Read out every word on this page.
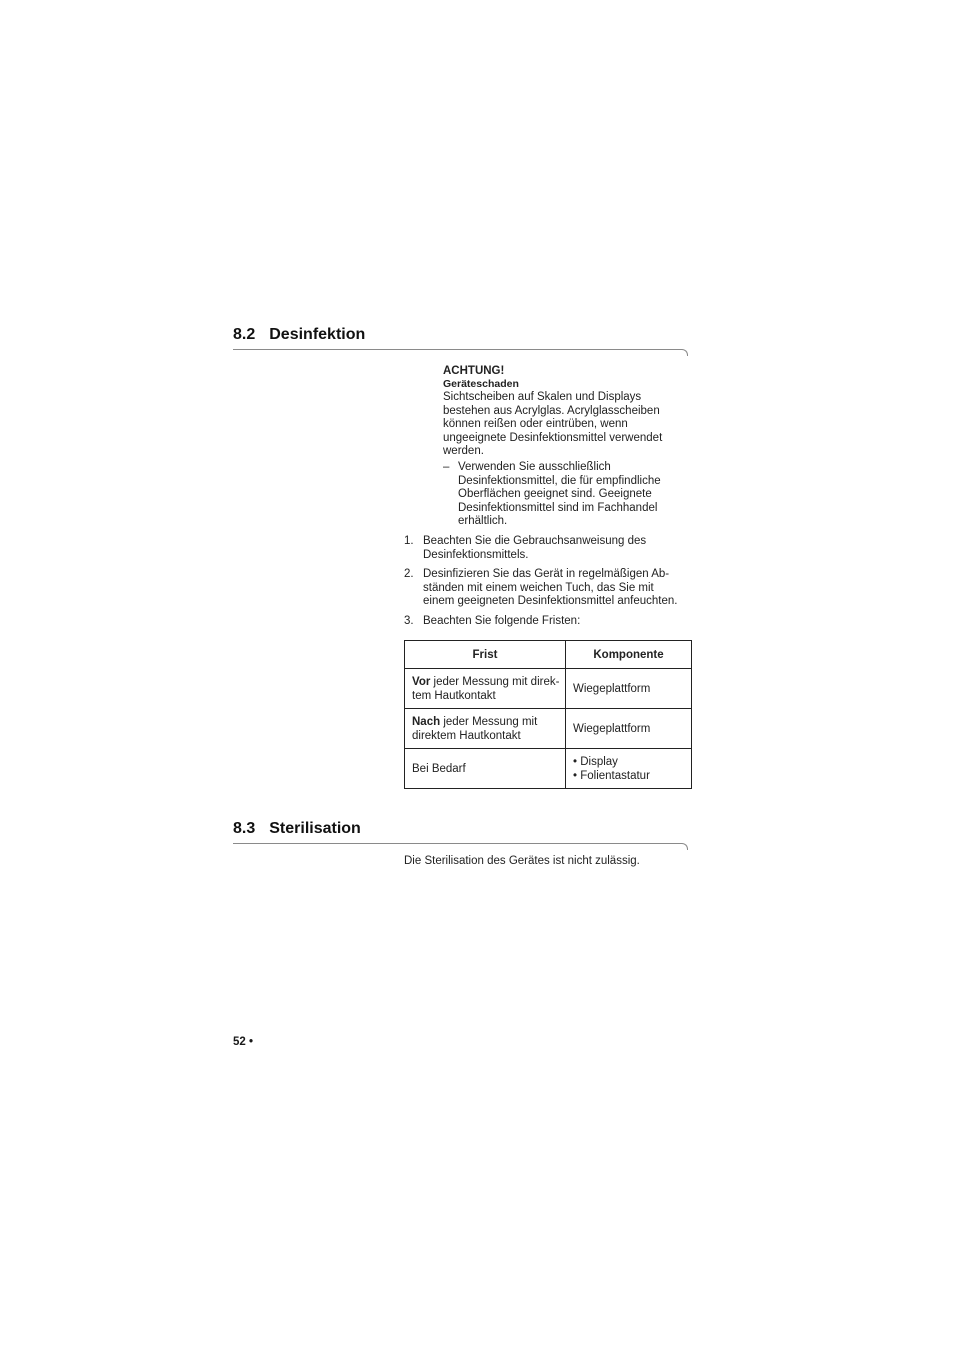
8.2 Desinfektion
ACHTUNG!
Geräteschaden
Sichtscheiben auf Skalen und Displays
bestehen aus Acrylglas. Acrylglasscheiben
können reißen oder eintrüben, wenn
ungeeignete Desinfektionsmittel verwendet
werden.
– Verwenden Sie ausschließlich
Desinfektionsmittel, die für empfindliche
Oberflächen geeignet sind. Geeignete
Desinfektionsmittel sind im Fachhandel
erhältlich.
1. Beachten Sie die Gebrauchsanweisung des
Desinfektionsmittels.
2. Desinfizieren Sie das Gerät in regelmäßigen Ab-
ständen mit einem weichen Tuch, das Sie mit
einem geeigneten Desinfektionsmittel anfeuchten.
3. Beachten Sie folgende Fristen:
Frist	Komponente

Vor jeder Messung mit direk-
tem Hautkontakt	Wiegeplattform

Nach jeder Messung mit
direktem Hautkontakt	Wiegeplattform

Bei Bedarf	• Display
• Folientastatur
8.3 Sterilisation
Die Sterilisation des Gerätes ist nicht zulässig.
52 •
